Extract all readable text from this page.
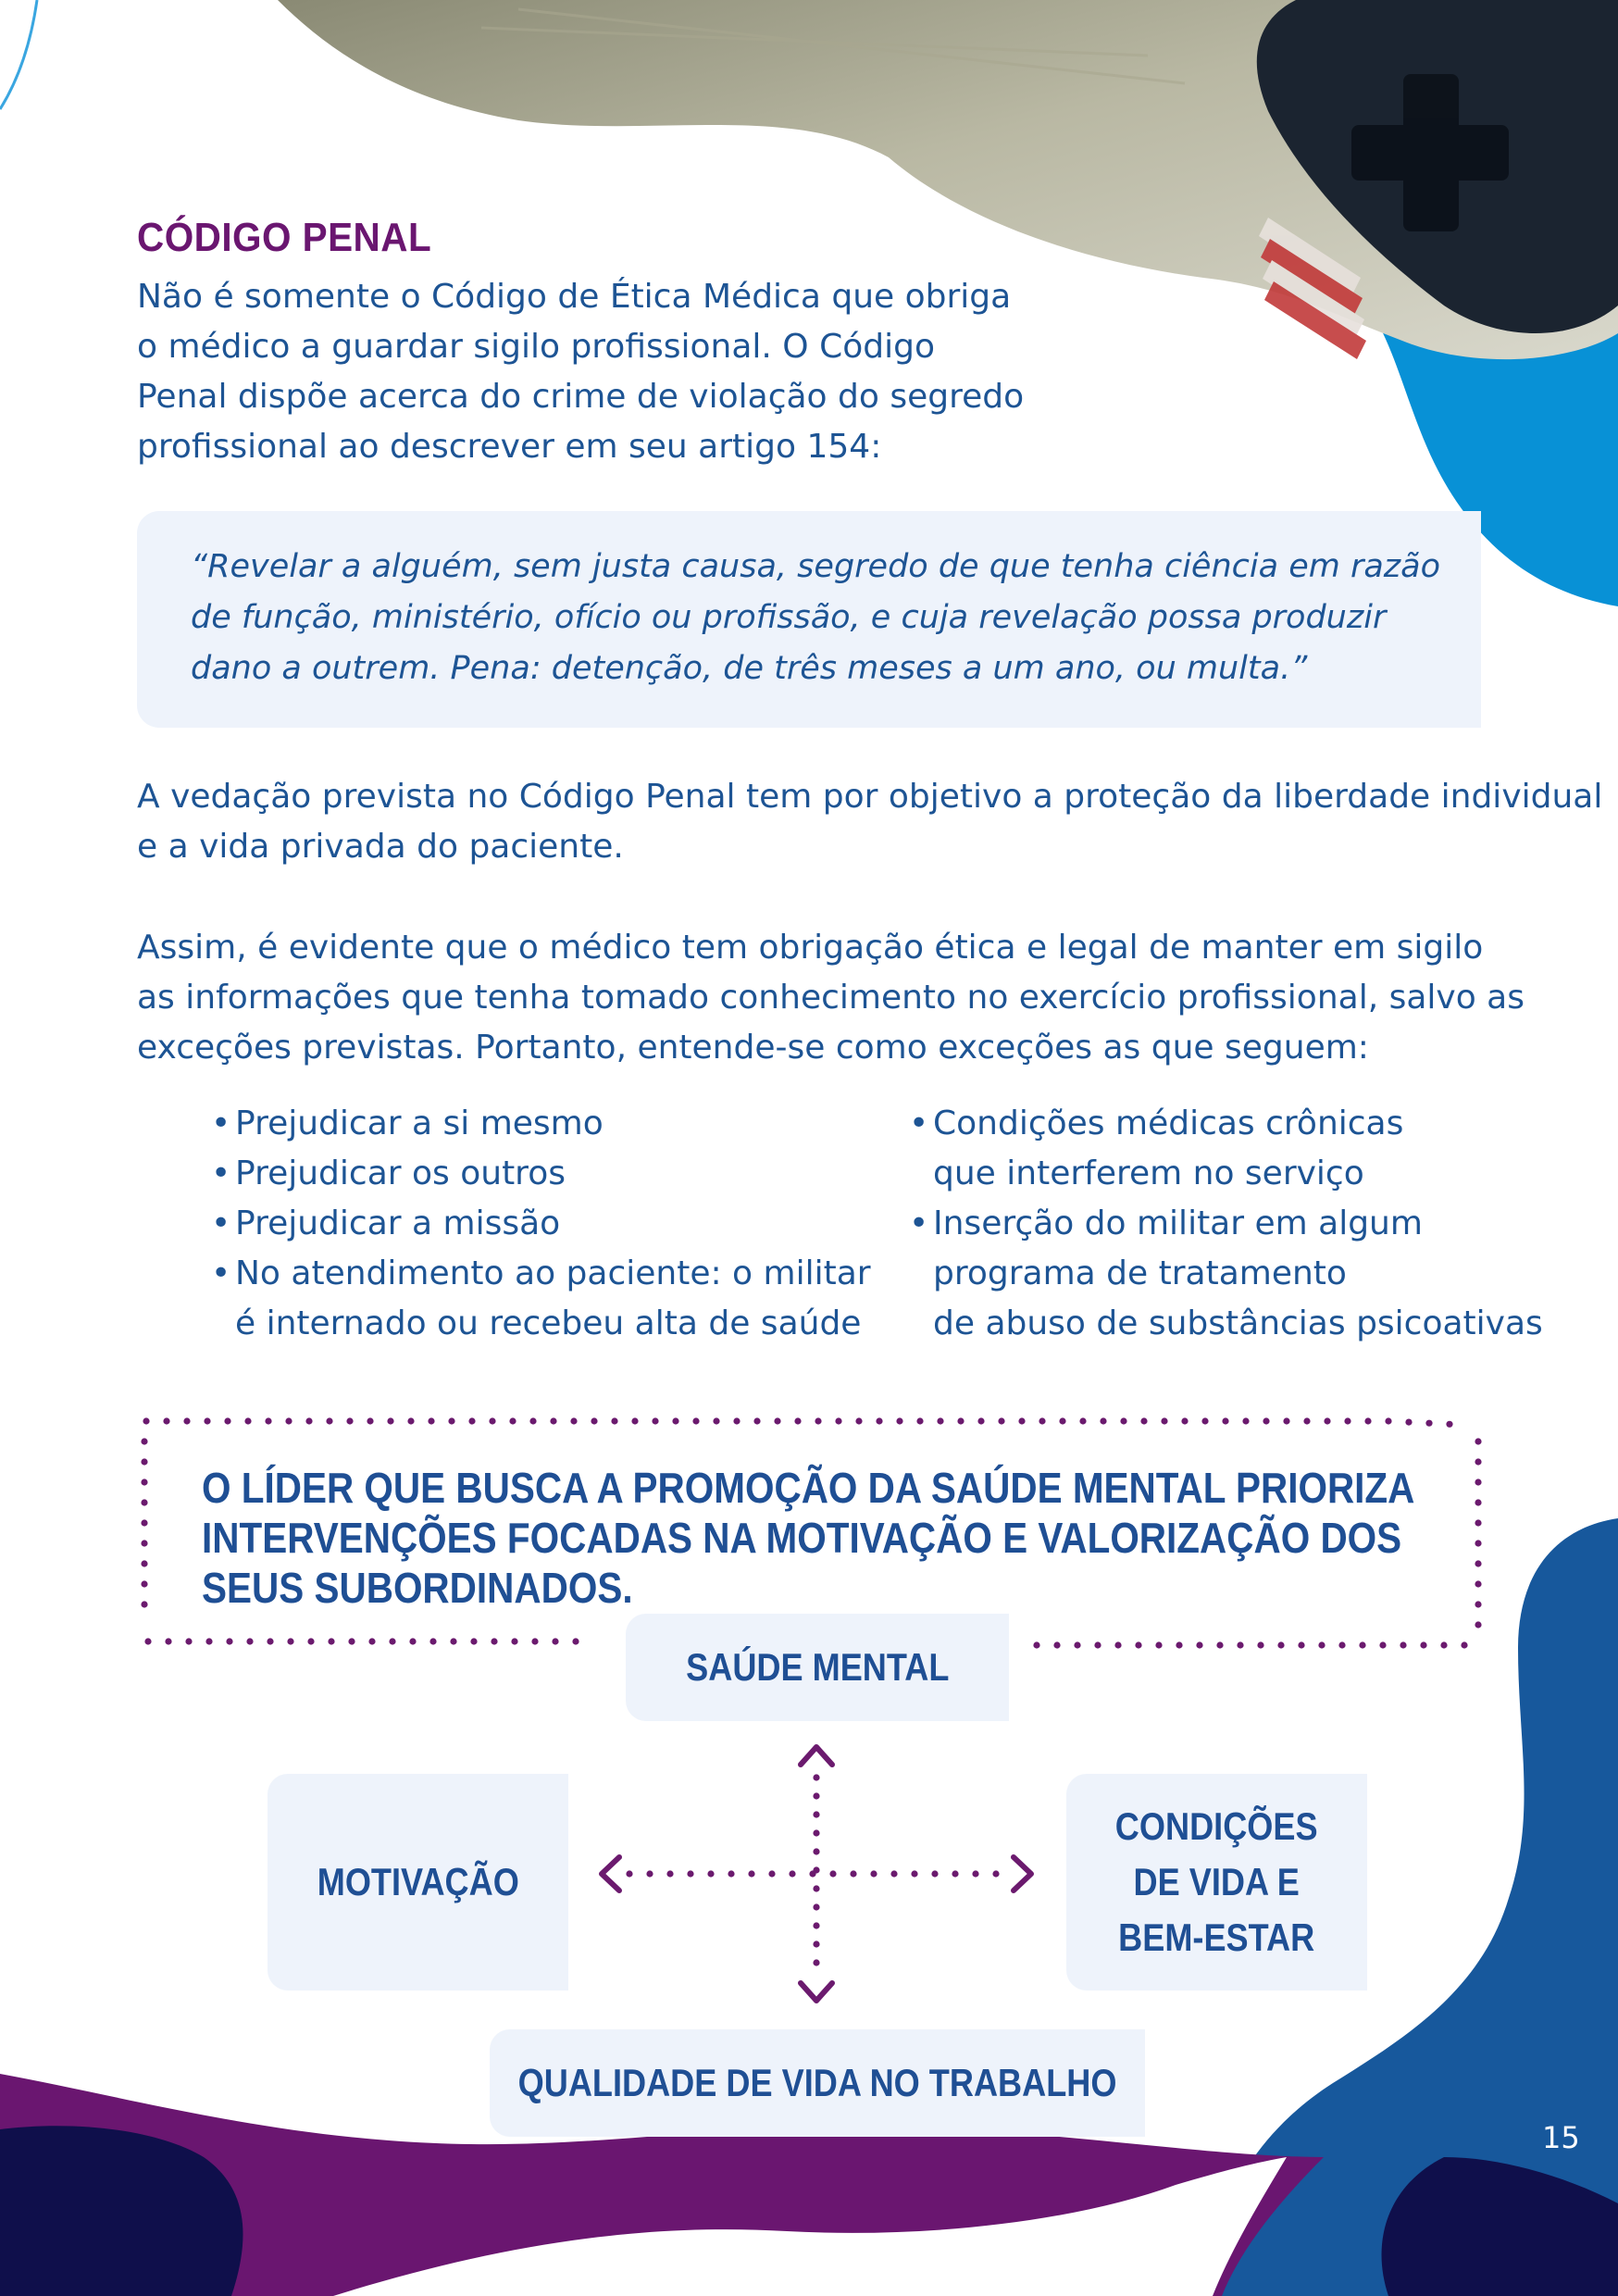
CÓDIGO PENAL
Não é somente o Código de Ética Médica que obriga
o médico a guardar sigilo profissional. O Código
Penal dispõe acerca do crime de violação do segredo
profissional ao descrever em seu artigo 154:
“Revelar a alguém, sem justa causa, segredo de que tenha ciência em razão
de função, ministério, ofício ou profissão, e cuja revelação possa produzir
dano a outrem. Pena: detenção, de três meses a um ano, ou multa.”
A vedação prevista no Código Penal tem por objetivo a proteção da liberdade individual
e a vida privada do paciente.
Assim, é evidente que o médico tem obrigação ética e legal de manter em sigilo
as informações que tenha tomado conhecimento no exercício profissional, salvo as
exceções previstas. Portanto, entende-se como exceções as que seguem:
• Prejudicar a si mesmo
• Prejudicar os outros
• Prejudicar a missão
• No atendimento ao paciente: o militar
é internado ou recebeu alta de saúde
• Condições médicas crônicas
que interferem no serviço
• Inserção do militar em algum
programa de tratamento
de abuso de substâncias psicoativas
O LÍDER QUE BUSCA A PROMOÇÃO DA SAÚDE MENTAL PRIORIZA
INTERVENÇÕES FOCADAS NA MOTIVAÇÃO E VALORIZAÇÃO DOS
SEUS SUBORDINADOS.
SAÚDE MENTAL
MOTIVAÇÃO
CONDIÇÕES
DE VIDA E
BEM-ESTAR
QUALIDADE DE VIDA NO TRABALHO
15
